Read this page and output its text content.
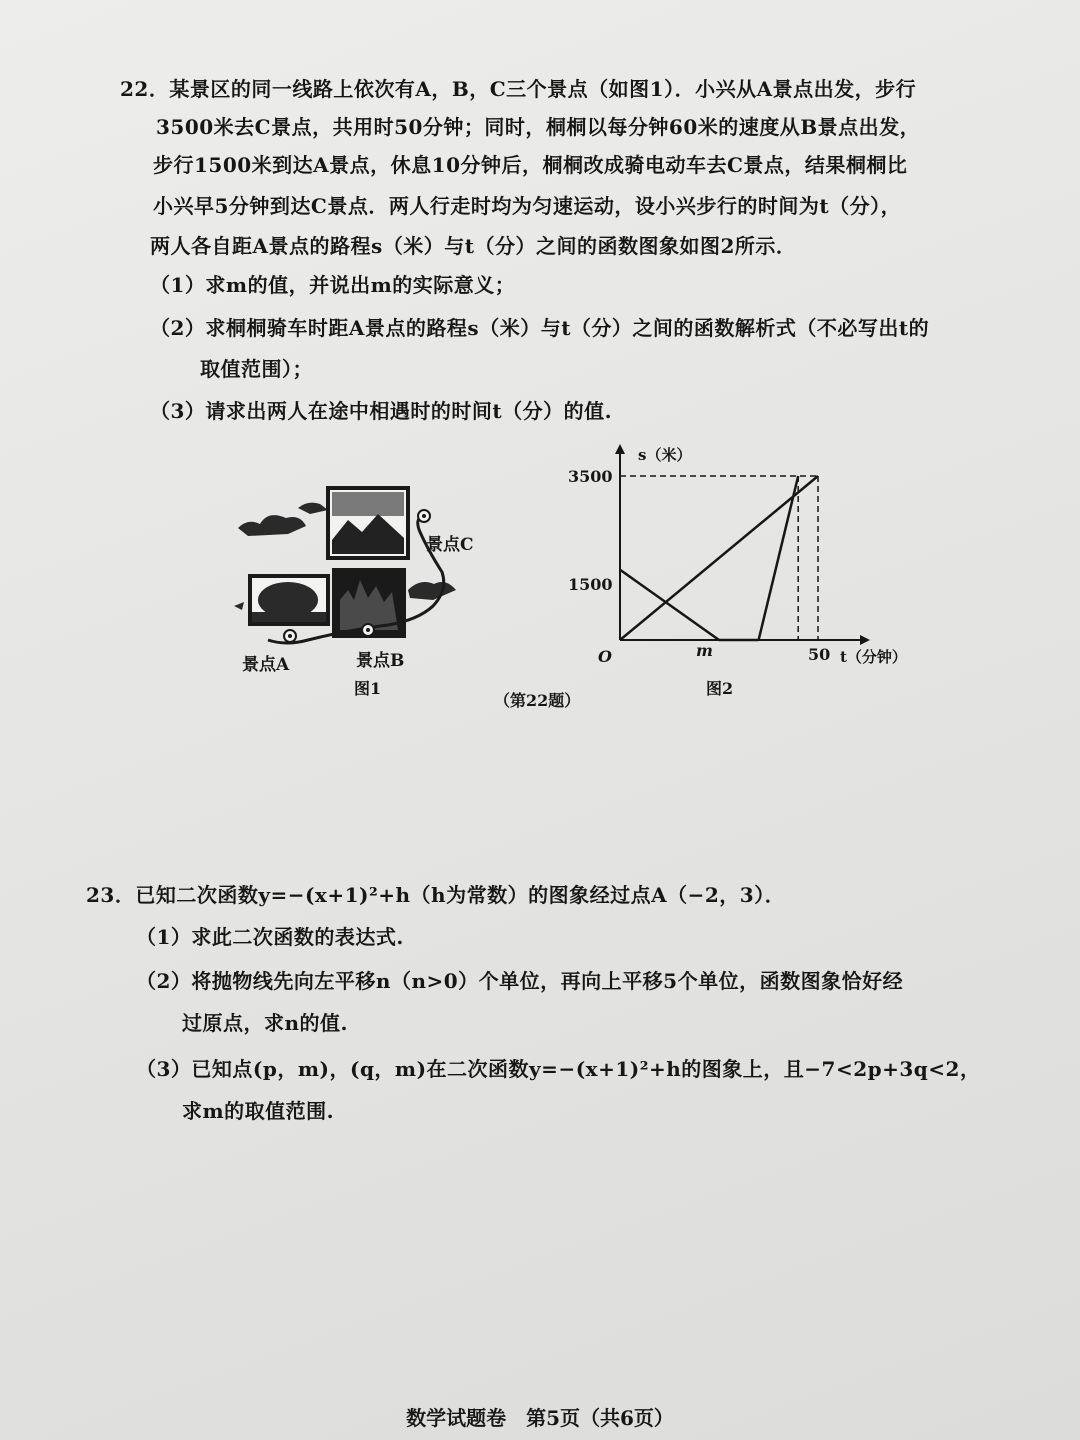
22．某景区的同一线路上依次有A，B，C三个景点（如图1）．小兴从A景点出发，步行
3500米去C景点，共用时50分钟；同时，桐桐以每分钟60米的速度从B景点出发，
步行1500米到达A景点，休息10分钟后，桐桐改成骑电动车去C景点，结果桐桐比
小兴早5分钟到达C景点．两人行走时均为匀速运动，设小兴步行的时间为t（分），
两人各自距A景点的路程s（米）与t（分）之间的函数图象如图2所示．
（1）求m的值，并说出m的实际意义；
（2）求桐桐骑车时距A景点的路程s（米）与t（分）之间的函数解析式（不必写出t的
取值范围）；
（3）请求出两人在途中相遇时的时间t（分）的值.
景点A	景点B
景点C
图1
s（米）
t（分钟）
O
3500
1500
m	50
图2
（第22题）
23．已知二次函数y=−(x+1)²+h（h为常数）的图象经过点A（−2，3）．
（1）求此二次函数的表达式.
（2）将抛物线先向左平移n（n>0）个单位，再向上平移5个单位，函数图象恰好经
过原点，求n的值.
（3）已知点(p，m)，(q，m)在二次函数y=−(x+1)²+h的图象上，且−7<2p+3q<2，
求m的取值范围.
数学试题卷　第5页（共6页）
